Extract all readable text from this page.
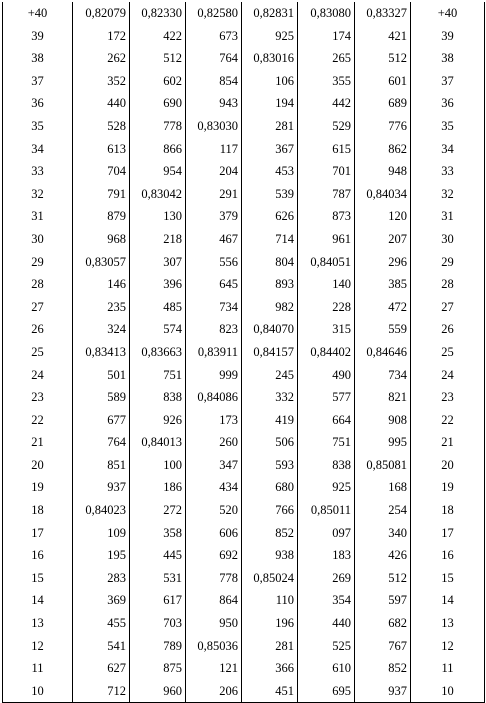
+40	0,82079	0,82330	0,82580	0,82831	0,83080	0,83327	+40
39	172	422	673	925	174	421	39
38	262	512	764	0,83016	265	512	38
37	352	602	854	106	355	601	37
36	440	690	943	194	442	689	36
35	528	778	0,83030	281	529	776	35
34	613	866	117	367	615	862	34
33	704	954	204	453	701	948	33
32	791	0,83042	291	539	787	0,84034	32
31	879	130	379	626	873	120	31
30	968	218	467	714	961	207	30
29	0,83057	307	556	804	0,84051	296	29
28	146	396	645	893	140	385	28
27	235	485	734	982	228	472	27
26	324	574	823	0,84070	315	559	26
25	0,83413	0,83663	0,83911	0,84157	0,84402	0,84646	25
24	501	751	999	245	490	734	24
23	589	838	0,84086	332	577	821	23
22	677	926	173	419	664	908	22
21	764	0,84013	260	506	751	995	21
20	851	100	347	593	838	0,85081	20
19	937	186	434	680	925	168	19
18	0,84023	272	520	766	0,85011	254	18
17	109	358	606	852	097	340	17
16	195	445	692	938	183	426	16
15	283	531	778	0,85024	269	512	15
14	369	617	864	110	354	597	14
13	455	703	950	196	440	682	13
12	541	789	0,85036	281	525	767	12
11	627	875	121	366	610	852	11
10	712	960	206	451	695	937	10
